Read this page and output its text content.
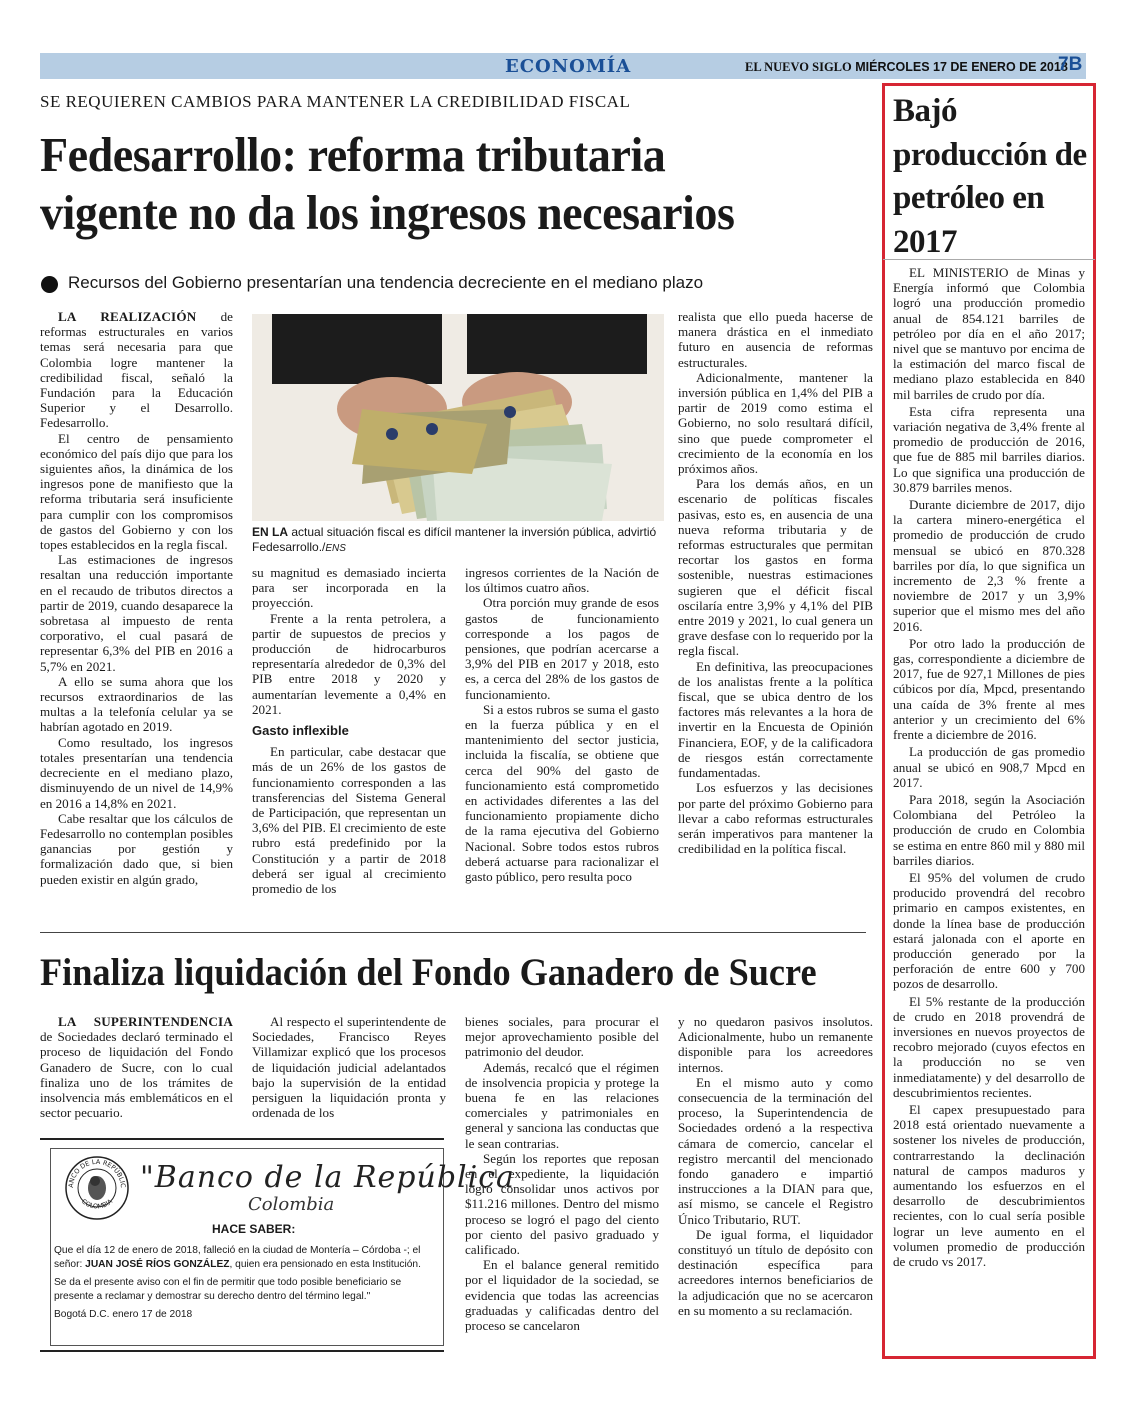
ECONOMÍA	EL NUEVO SIGLO MIÉRCOLES 17 DE ENERO DE 2018
7B
SE REQUIEREN CAMBIOS PARA MANTENER LA CREDIBILIDAD FISCAL
Fedesarrollo: reforma tributaria
vigente no da los ingresos necesarios
Recursos del Gobierno presentarían una tendencia decreciente en el mediano plazo

LA REALIZACIÓN de reformas estructurales en varios temas será necesaria para que Colombia logre mantener la credibilidad fiscal, señaló la Fundación para la Educación Superior y el Desarrollo. Fedesarrollo.

El centro de pensamiento económico del país dijo que para los siguientes años, la dinámica de los ingresos pone de manifiesto que la reforma tributaria será insuficiente para cumplir con los compromisos de gastos del Gobierno y con los topes establecidos en la regla fiscal.

Las estimaciones de ingresos resaltan una reducción importante en el recaudo de tributos directos a partir de 2019, cuando desaparece la sobretasa al impuesto de renta corporativo, el cual pasará de representar 6,3% del PIB en 2016 a 5,7% en 2021.

A ello se suma ahora que los recursos extraordinarios de las multas a la telefonía celular ya se habrían agotado en 2019.

Como resultado, los ingresos totales presentarían una tendencia decreciente en el mediano plazo, disminuyendo de un nivel de 14,9% en 2016 a 14,8% en 2021.

Cabe resaltar que los cálculos de Fedesarrollo no contemplan posibles ganancias por gestión y formalización dado que, si bien pueden existir en algún grado,

EN LA actual situación fiscal es difícil mantener la inversión pública, advirtió Fedesarrollo./ENS

su magnitud es demasiado incierta para ser incorporada en la proyección.

Frente a la renta petrolera, a partir de supuestos de precios y producción de hidrocarburos representaría alrededor de 0,3% del PIB entre 2018 y 2020 y aumentarían levemente a 0,4% en 2021.

Gasto inflexible

En particular, cabe destacar que más de un 26% de los gastos de funcionamiento corresponden a las transferencias del Sistema General de Participación, que representan un 3,6% del PIB. El crecimiento de este rubro está predefinido por la Constitución y a partir de 2018 deberá ser igual al crecimiento promedio de los

ingresos corrientes de la Nación de los últimos cuatro años.

Otra porción muy grande de esos gastos de funcionamiento corresponde a los pagos de pensiones, que podrían acercarse a 3,9% del PIB en 2017 y 2018, esto es, a cerca del 28% de los gastos de funcionamiento.

Si a estos rubros se suma el gasto en la fuerza pública y en el mantenimiento del sector justicia, incluida la fiscalía, se obtiene que cerca del 90% del gasto de funcionamiento está comprometido en actividades diferentes a las del funcionamiento propiamente dicho de la rama ejecutiva del Gobierno Nacional. Sobre todos estos rubros deberá actuarse para racionalizar el gasto público, pero resulta poco

realista que ello pueda hacerse de manera drástica en el inmediato futuro en ausencia de reformas estructurales.

Adicionalmente, mantener la inversión pública en 1,4% del PIB a partir de 2019 como estima el Gobierno, no solo resultará difícil, sino que puede comprometer el crecimiento de la economía en los próximos años.

Para los demás años, en un escenario de políticas fiscales pasivas, esto es, en ausencia de una nueva reforma tributaria y de reformas estructurales que permitan recortar los gastos en forma sostenible, nuestras estimaciones sugieren que el déficit fiscal oscilaría entre 3,9% y 4,1% del PIB entre 2019 y 2021, lo cual genera un grave desfase con lo requerido por la regla fiscal.

En definitiva, las preocupaciones de los analistas frente a la política fiscal, que se ubica dentro de los factores más relevantes a la hora de invertir en la Encuesta de Opinión Financiera, EOF, y de la calificadora de riesgos están correctamente fundamentadas.

Los esfuerzos y las decisiones por parte del próximo Gobierno para llevar a cabo reformas estructurales serán imperativos para mantener la credibilidad en la política fiscal.

Finaliza liquidación del Fondo Ganadero de Sucre

LA SUPERINTENDENCIA de Sociedades declaró terminado el proceso de liquidación del Fondo Ganadero de Sucre, con lo cual finaliza uno de los trámites de insolvencia más emblemáticos en el sector pecuario.

Al respecto el superintendente de Sociedades, Francisco Reyes Villamizar explicó que los procesos de liquidación judicial adelantados bajo la supervisión de la entidad persiguen la liquidación pronta y ordenada de los

bienes sociales, para procurar el mejor aprovechamiento posible del patrimonio del deudor.

Además, recalcó que el régimen de insolvencia propicia y protege la buena fe en las relaciones comerciales y patrimoniales en general y sanciona las conductas que le sean contrarias.

Según los reportes que reposan en el expediente, la liquidación logró consolidar unos activos por $11.216 millones. Dentro del mismo proceso se logró el pago del ciento por ciento del pasivo graduado y calificado.

En el balance general remitido por el liquidador de la sociedad, se evidencia que todas las acreencias graduadas y calificadas dentro del proceso se cancelaron

y no quedaron pasivos insolutos. Adicionalmente, hubo un remanente disponible para los acreedores internos.

En el mismo auto y como consecuencia de la terminación del proceso, la Superintendencia de Sociedades ordenó a la respectiva cámara de comercio, cancelar el registro mercantil del mencionado fondo ganadero e impartió instrucciones a la DIAN para que, así mismo, se cancele el Registro Único Tributario, RUT.

De igual forma, el liquidador constituyó un título de depósito con destinación específica para acreedores internos beneficiarios de la adjudicación que no se acercaron en su momento a su reclamación.

ANCO DE LA REPÚBLIC
COLOMBIA
"Banco de la República
Colombia
HACE SABER:

Que el día 12 de enero de 2018, falleció en la ciudad de Montería – Córdoba -; el señor: JUAN JOSÉ RÍOS GONZÁLEZ, quien era pensionado en esta Institución.

Se da el presente aviso con el fin de permitir que todo posible beneficiario se presente a reclamar y demostrar su derecho dentro del término legal."

Bogotá D.C. enero 17 de 2018

Bajó producción de petróleo en 2017

EL MINISTERIO de Minas y Energía informó que Colombia logró una producción promedio anual de 854.121 barriles de petróleo por día en el año 2017; nivel que se mantuvo por encima de la estimación del marco fiscal de mediano plazo establecida en 840 mil barriles de crudo por día.

Esta cifra representa una variación negativa de 3,4% frente al promedio de producción de 2016, que fue de 885 mil barriles diarios. Lo que significa una producción de 30.879 barriles menos.

Durante diciembre de 2017, dijo la cartera minero-energética el promedio de producción de crudo mensual se ubicó en 870.328 barriles por día, lo que significa un incremento de 2,3 % frente a noviembre de 2017 y un 3,9% superior que el mismo mes del año 2016.

Por otro lado la producción de gas, correspondiente a diciembre de 2017, fue de 927,1 Millones de pies cúbicos por día, Mpcd, presentando una caída de 3% frente al mes anterior y un crecimiento del 6% frente a diciembre de 2016.

La producción de gas promedio anual se ubicó en 908,7 Mpcd en 2017.

Para 2018, según la Asociación Colombiana del Petróleo la producción de crudo en Colombia se estima en entre 860 mil y 880 mil barriles diarios.

El 95% del volumen de crudo producido provendrá del recobro primario en campos existentes, en donde la línea base de producción estará jalonada con el aporte en producción generado por la perforación de entre 600 y 700 pozos de desarrollo.

El 5% restante de la producción de crudo en 2018 provendrá de inversiones en nuevos proyectos de recobro mejorado (cuyos efectos en la producción no se ven inmediatamente) y del desarrollo de descubrimientos recientes.

El capex presupuestado para 2018 está orientado nuevamente a sostener los niveles de producción, contrarrestando la declinación natural de campos maduros y aumentando los esfuerzos en el desarrollo de descubrimientos recientes, con lo cual sería posible lograr un leve aumento en el volumen promedio de producción de crudo vs 2017.
